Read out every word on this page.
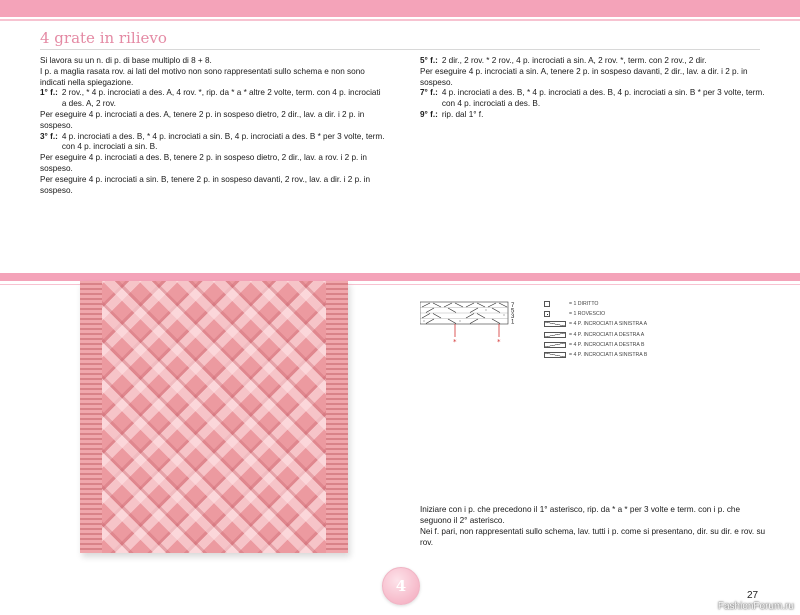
4 grate in rilievo

Si lavora su un n. di p. di base multiplo di 8 + 8.

I p. a maglia rasata rov. ai lati del motivo non sono rappresentati sullo schema e non sono indicati nella spiegazione.

1° f.: 2 rov., * 4 p. incrociati a des. A, 4 rov. *, rip. da * a * altre 2 volte, term. con 4 p. incrociati a des. A, 2 rov.

Per eseguire 4 p. incrociati a des. A, tenere 2 p. in sospeso dietro, 2 dir., lav. a dir. i 2 p. in sospeso.

3° f.: 4 p. incrociati a des. B, * 4 p. incrociati a sin. B, 4 p. incrociati a des. B * per 3 volte, term. con 4 p. incrociati a sin. B.

Per eseguire 4 p. incrociati a des. B, tenere 2 p. in sospeso dietro, 2 dir., lav. a rov. i 2 p. in sospeso.

Per eseguire 4 p. incrociati a sin. B, tenere 2 p. in sospeso davanti, 2 rov., lav. a dir. i 2 p. in sospeso.

5° f.: 2 dir., 2 rov. * 2 rov., 4 p. incrociati a sin. A, 2 rov. *, term. con 2 rov., 2 dir.

Per eseguire 4 p. incrociati a sin. A, tenere 2 p. in sospeso davanti, 2 dir., lav. a dir. i 2 p. in sospeso.

7° f.: 4 p. incrociati a des. B, * 4 p. incrociati a des. B, 4 p. incrociati a sin. B * per 3 volte, term. con 4 p. incrociati a des. B.
9° f.: rip. dal 1° f.
7
5
3
1
*	*
= 1 DIRITTO
= 1 ROVESCIO
= 4 P. INCROCIATI A SINISTRA A
= 4 P. INCROCIATI A DESTRA A
= 4 P. INCROCIATI A DESTRA B
= 4 P. INCROCIATI A SINISTRA B

Iniziare con i p. che precedono il 1° asterisco, rip. da * a * per 3 volte e term. con i p. che seguono il 2° asterisco.

Nei f. pari, non rappresentati sullo schema, lav. tutti i p. come si presentano, dir. su dir. e rov. su rov.

4
27
FashionForum.ru
